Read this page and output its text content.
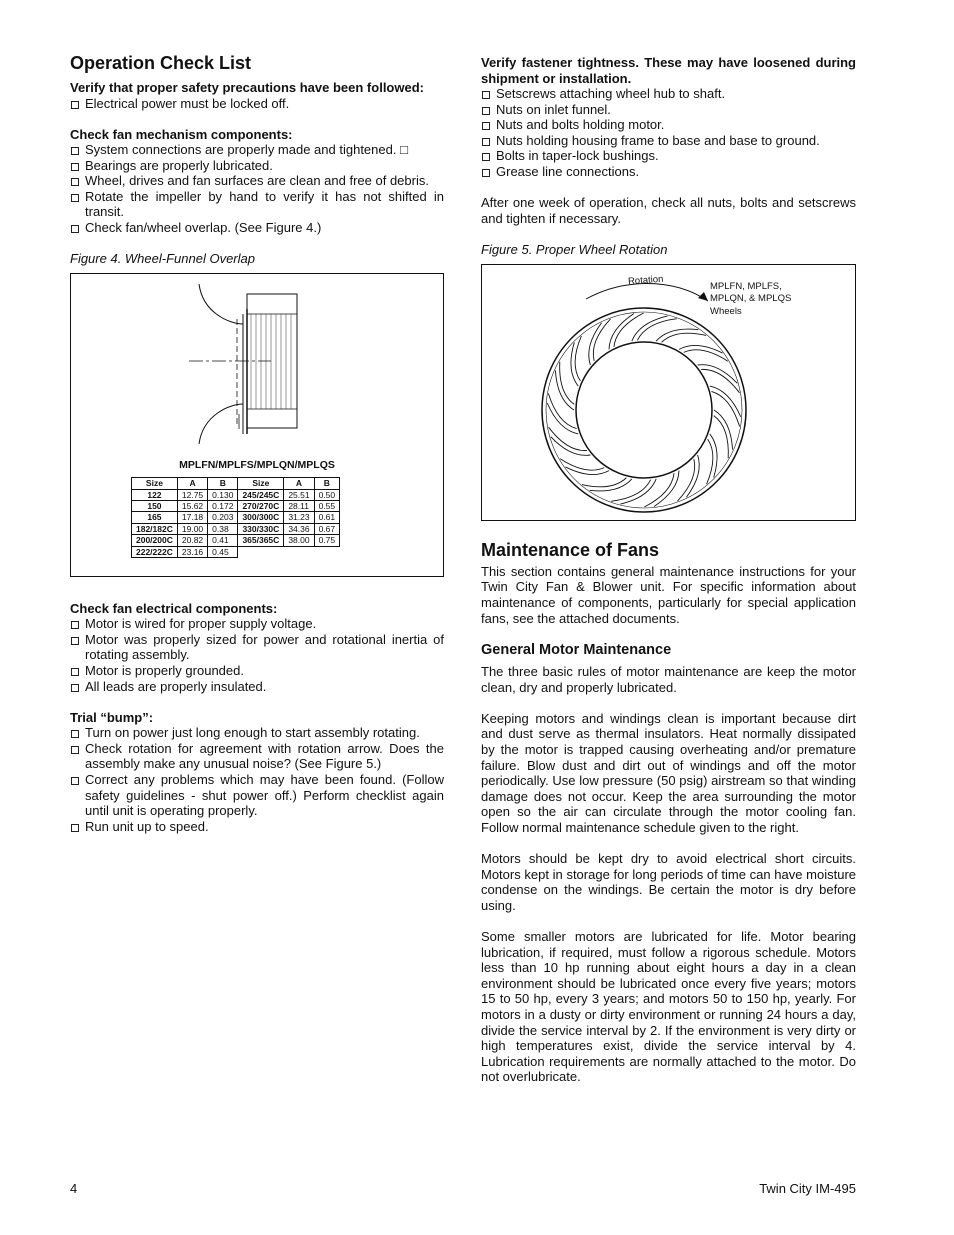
Operation Check List

Verify that proper safety precautions have been followed:

Electrical power must be locked off.

Check fan mechanism components:

System connections are properly made and tightened. □
Bearings are properly lubricated.
Wheel, drives and fan surfaces are clean and free of debris.
Rotate the impeller by hand to verify it has not shifted in transit.
Check fan/wheel overlap. (See Figure 4.)

Figure 4. Wheel-Funnel Overlap

MPLFN/MPLFS/MPLQN/MPLQS
Size	A	B	Size	A	B
122	12.75	0.130	245/245C	25.51	0.50
150	15.62	0.172	270/270C	28.11	0.55
165	17.18	0.203	300/300C	31.23	0.61
182/182C	19.00	0.38	330/330C	34.36	0.67
200/200C	20.82	0.41	365/365C	38.00	0.75
222/222C	23.16	0.45			

Check fan electrical components:

Motor is wired for proper supply voltage.
Motor was properly sized for power and rotational inertia of rotating assembly.
Motor is properly grounded.
All leads are properly insulated.

Trial “bump”:

Turn on power just long enough to start assembly rotating.
Check rotation for agreement with rotation arrow. Does the assembly make any unusual noise? (See Figure 5.)
Correct any problems which may have been found. (Follow safety guidelines - shut power off.) Perform checklist again until unit is operating properly.
Run unit up to speed.

Verify fastener tightness. These may have loosened during shipment or installation.

Setscrews attaching wheel hub to shaft.
Nuts on inlet funnel.
Nuts and bolts holding motor.
Nuts holding housing frame to base and base to ground.
Bolts in taper-lock bushings.
Grease line connections.

After one week of operation, check all nuts, bolts and setscrews and tighten if necessary.

Figure 5. Proper Wheel Rotation

Rotation	MPLFN, MPLFS,
MPLQN, & MPLQS
Wheels
Maintenance of Fans

This section contains general maintenance instructions for your Twin City Fan & Blower unit. For specific information about maintenance of components, particularly for special application fans, see the attached documents.

General Motor Maintenance

The three basic rules of motor maintenance are keep the motor clean, dry and properly lubricated.

Keeping motors and windings clean is important because dirt and dust serve as thermal insulators. Heat normally dissipated by the motor is trapped causing overheating and/or premature failure. Blow dust and dirt out of windings and off the motor periodically. Use low pressure (50 psig) airstream so that winding damage does not occur. Keep the area surrounding the motor open so the air can circulate through the motor cooling fan. Follow normal maintenance schedule given to the right.

Motors should be kept dry to avoid electrical short circuits. Motors kept in storage for long periods of time can have moisture condense on the windings. Be certain the motor is dry before using.

Some smaller motors are lubricated for life. Motor bearing lubrication, if required, must follow a rigorous schedule. Motors less than 10 hp running about eight hours a day in a clean environment should be lubricated once every five years; motors 15 to 50 hp, every 3 years; and motors 50 to 150 hp, yearly. For motors in a dusty or dirty environment or running 24 hours a day, divide the service interval by 2. If the environment is very dirty or high temperatures exist, divide the service interval by 4. Lubrication requirements are normally attached to the motor. Do not overlubricate.

4	Twin City IM-495
